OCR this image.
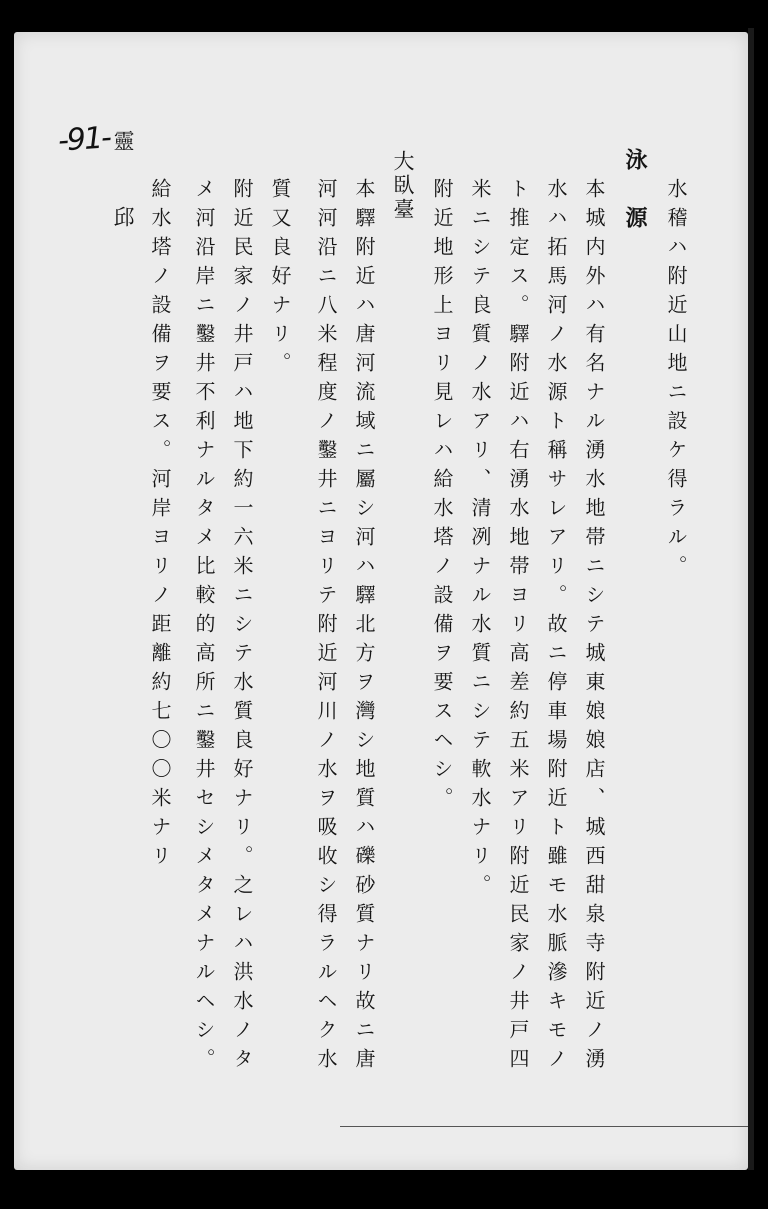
-91-
水稽ハ附近山地ニ設ケ得ラル。
泳
源
本城内外ハ有名ナル湧水地帯ニシテ城東娘娘店、城西甜泉寺附近ノ湧
水ハ拓馬河ノ水源ト稱サレアリ。故ニ停車場附近ト雖モ水脈滲キモノ
ト推定ス。驛附近ハ右湧水地帯ヨリ高差約五米アリ附近民家ノ井戸四
米ニシテ良質ノ水アリ、清冽ナル水質ニシテ軟水ナリ。
附近地形上ヨリ見レハ給水塔ノ設備ヲ要スヘシ。
大臥臺
本驛附近ハ唐河流域ニ屬シ河ハ驛北方ヲ灣シ地質ハ礫砂質ナリ故ニ唐
河河沿ニ八米程度ノ鑿井ニヨリテ附近河川ノ水ヲ吸收シ得ラルヘク水
質又良好ナリ。
附近民家ノ井戸ハ地下約一六米ニシテ水質良好ナリ。之レハ洪水ノタ
メ河沿岸ニ鑿井不利ナルタメ比較的高所ニ鑿井セシメタメナルヘシ。
給水塔ノ設備ヲ要ス。河岸ヨリノ距離約七〇〇米ナリ
靈
邱
